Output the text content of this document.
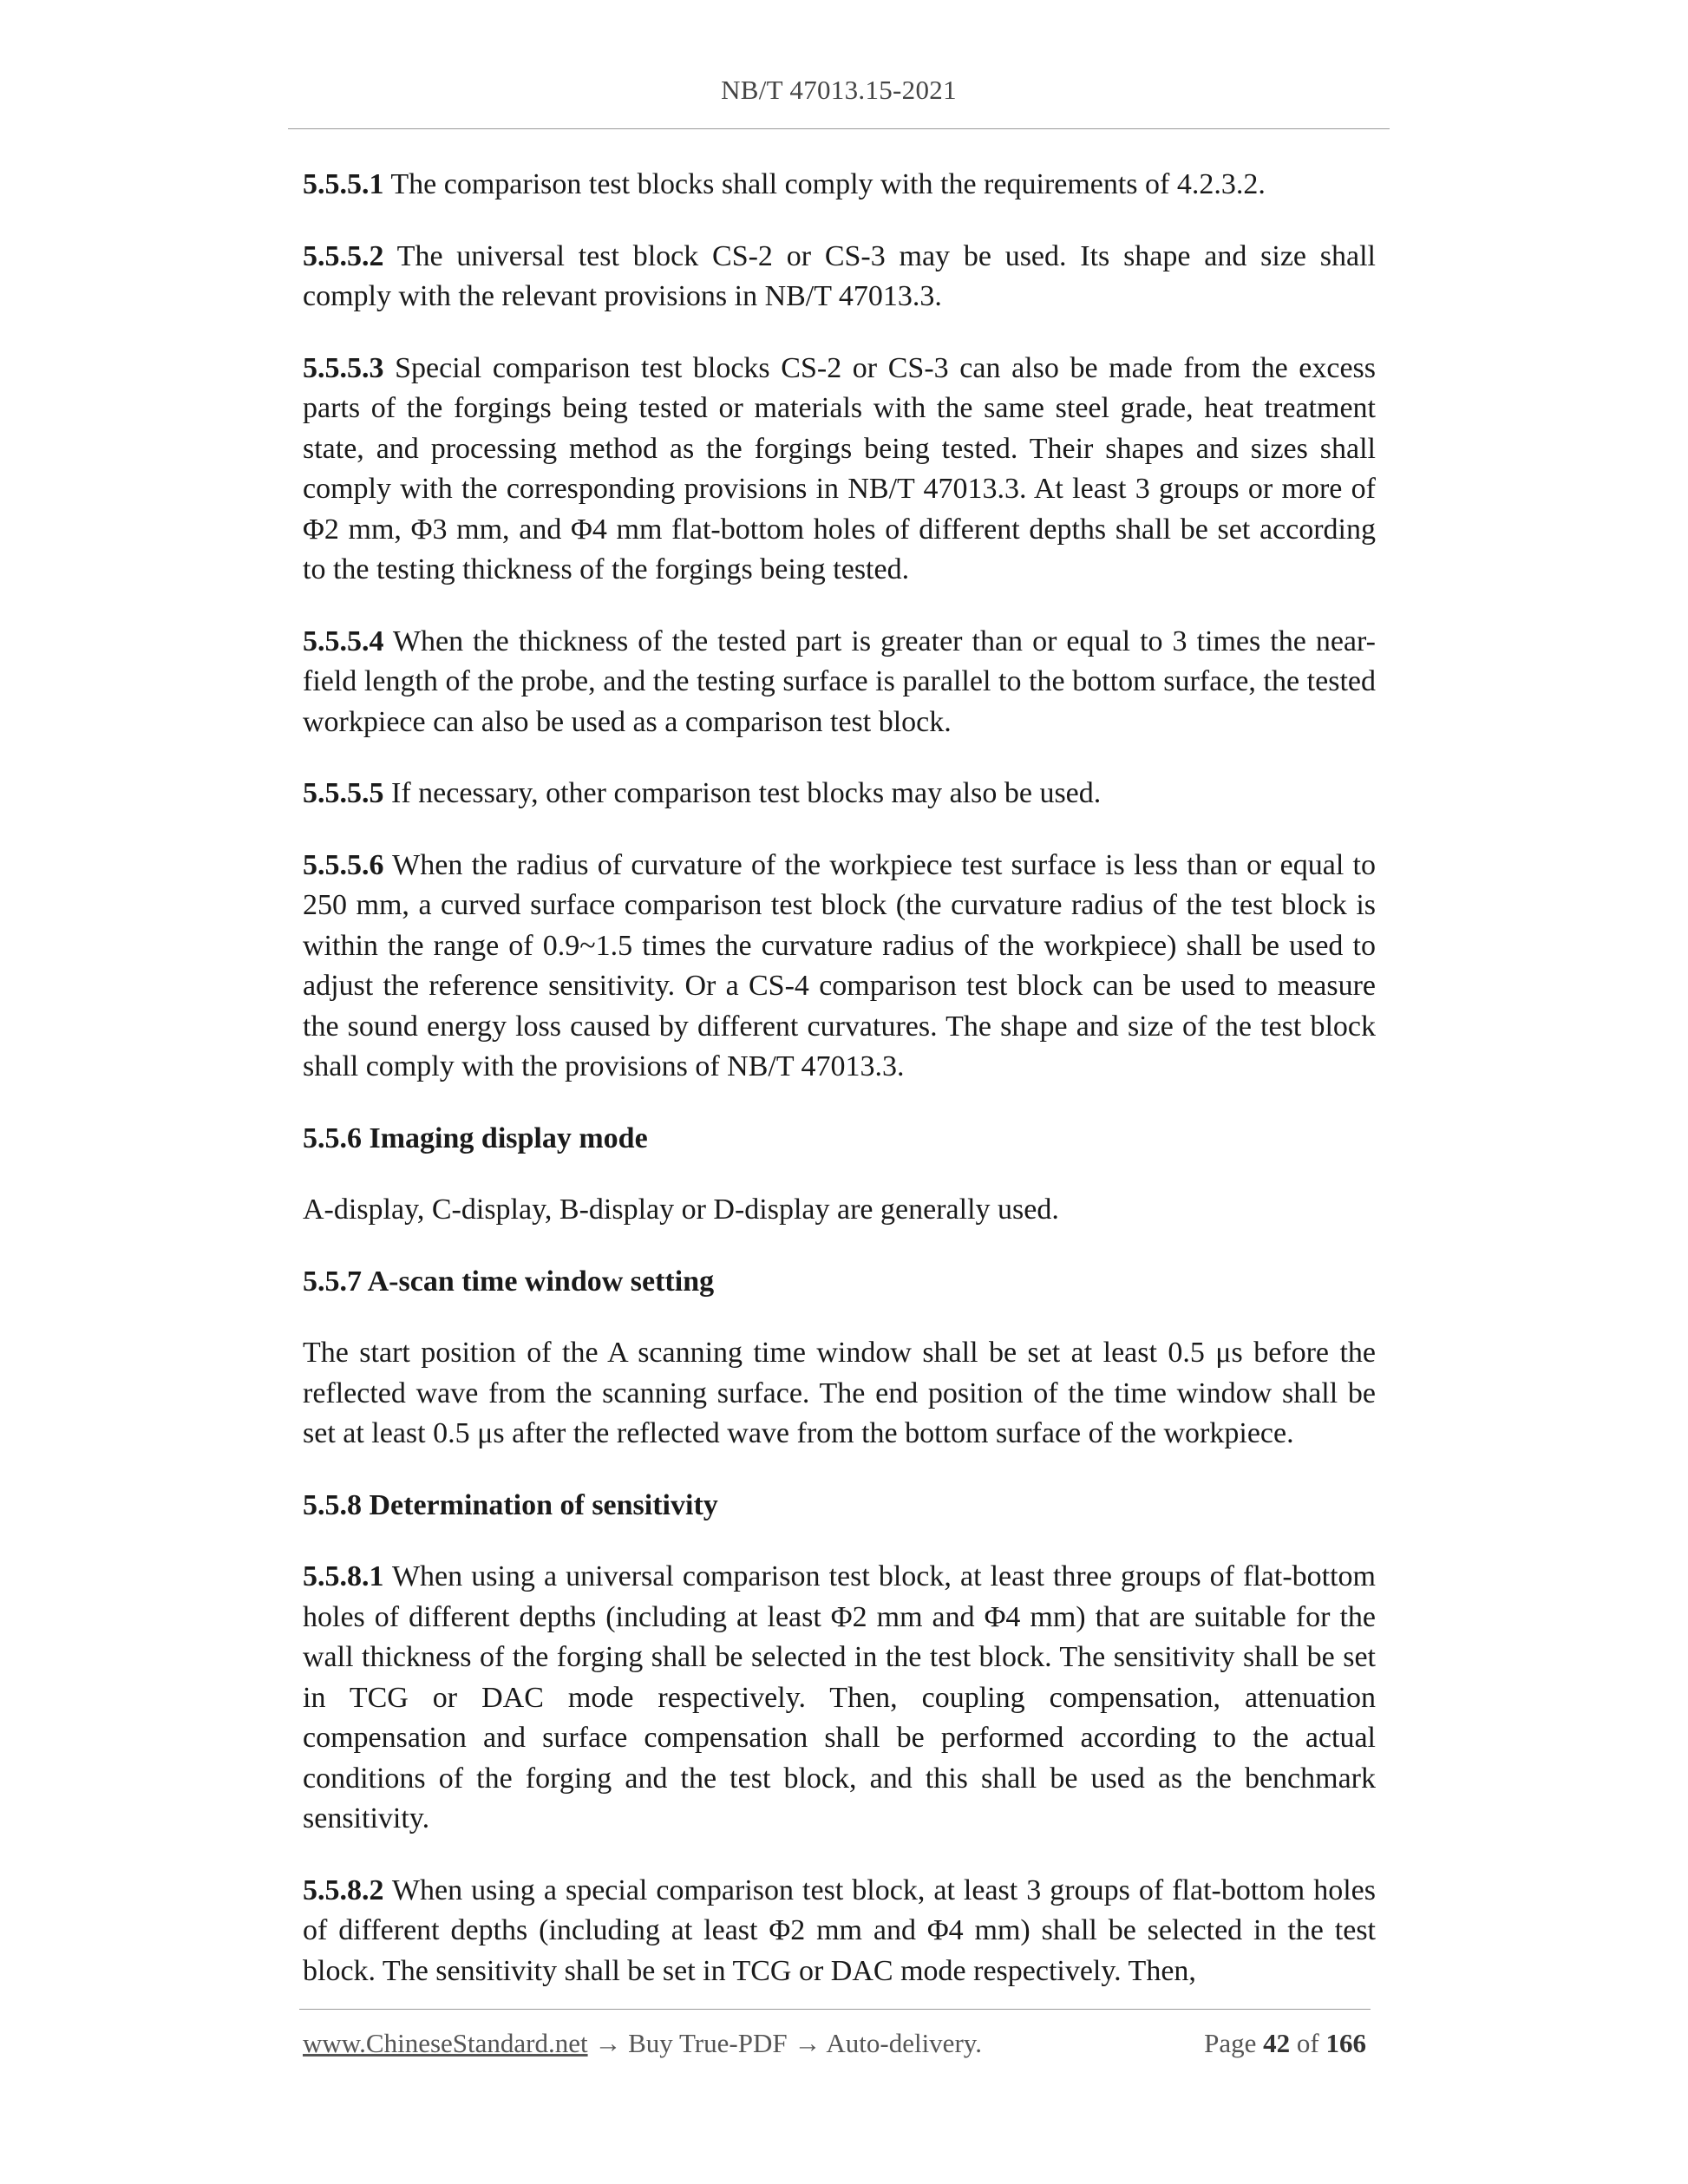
NB/T 47013.15-2021

5.5.5.1 The comparison test blocks shall comply with the requirements of 4.2.3.2.

5.5.5.2 The universal test block CS-2 or CS-3 may be used. Its shape and size shall comply with the relevant provisions in NB/T 47013.3.

5.5.5.3 Special comparison test blocks CS-2 or CS-3 can also be made from the excess parts of the forgings being tested or materials with the same steel grade, heat treatment state, and processing method as the forgings being tested. Their shapes and sizes shall comply with the corresponding provisions in NB/T 47013.3. At least 3 groups or more of Φ2 mm, Φ3 mm, and Φ4 mm flat-bottom holes of different depths shall be set according to the testing thickness of the forgings being tested.

5.5.5.4 When the thickness of the tested part is greater than or equal to 3 times the near-field length of the probe, and the testing surface is parallel to the bottom surface, the tested workpiece can also be used as a comparison test block.

5.5.5.5 If necessary, other comparison test blocks may also be used.

5.5.5.6 When the radius of curvature of the workpiece test surface is less than or equal to 250 mm, a curved surface comparison test block (the curvature radius of the test block is within the range of 0.9~1.5 times the curvature radius of the workpiece) shall be used to adjust the reference sensitivity. Or a CS-4 comparison test block can be used to measure the sound energy loss caused by different curvatures. The shape and size of the test block shall comply with the provisions of NB/T 47013.3.

5.5.6 Imaging display mode

A-display, C-display, B-display or D-display are generally used.

5.5.7 A-scan time window setting

The start position of the A scanning time window shall be set at least 0.5 μs before the reflected wave from the scanning surface. The end position of the time window shall be set at least 0.5 μs after the reflected wave from the bottom surface of the workpiece.

5.5.8 Determination of sensitivity

5.5.8.1 When using a universal comparison test block, at least three groups of flat-bottom holes of different depths (including at least Φ2 mm and Φ4 mm) that are suitable for the wall thickness of the forging shall be selected in the test block. The sensitivity shall be set in TCG or DAC mode respectively. Then, coupling compensation, attenuation compensation and surface compensation shall be performed according to the actual conditions of the forging and the test block, and this shall be used as the benchmark sensitivity.

5.5.8.2 When using a special comparison test block, at least 3 groups of flat-bottom holes of different depths (including at least Φ2 mm and Φ4 mm) shall be selected in the test block. The sensitivity shall be set in TCG or DAC mode respectively. Then,

www.ChineseStandard.net → Buy True-PDF → Auto-delivery.	Page 42 of 166
